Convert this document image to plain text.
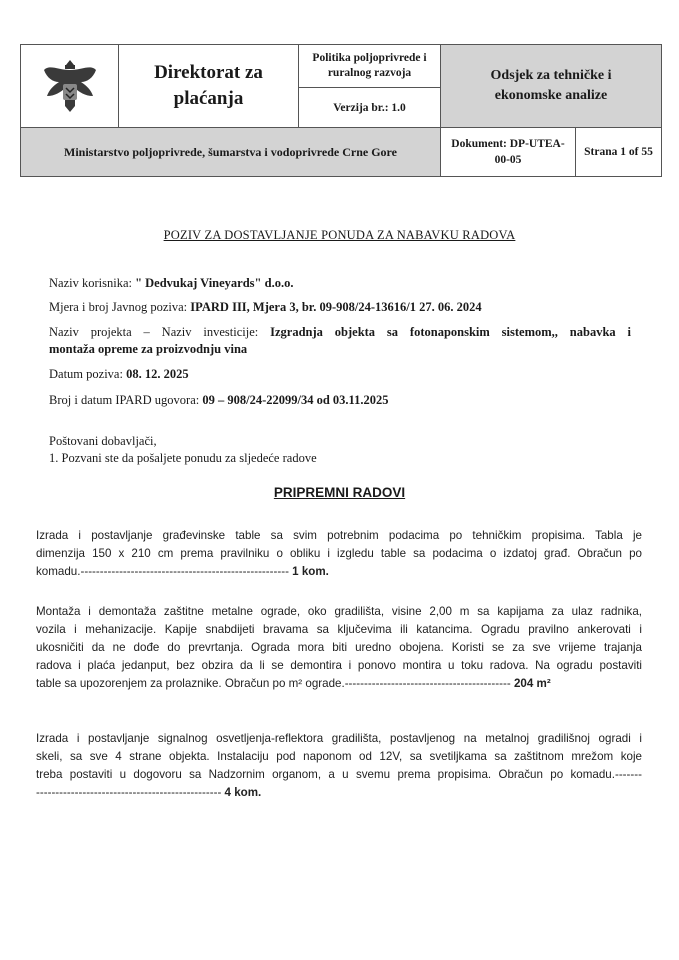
Direktorat za plaćanja
Politika poljoprivrede i ruralnog razvoja
Verzija br.: 1.0
Odsjek za tehničke i ekonomske analize
Ministarstvo poljoprivrede, šumarstva i vodoprivrede Crne Gore
Dokument: DP-UTEA-00-05
Strana 1 of 55
POZIV ZA DOSTAVLJANJE PONUDA ZA NABAVKU RADOVA
Naziv korisnika: " Dedvukaj Vineyards" d.o.o.
Mjera i broj Javnog poziva: IPARD III, Mjera 3, br. 09-908/24-13616/1 27. 06. 2024
Naziv projekta – Naziv investicije: Izgradnja objekta sa fotonaponskim sistemom,, nabavka i
montaža opreme za proizvodnju vina
Datum poziva: 08. 12. 2025
Broj i datum IPARD ugovora: 09 – 908/24-22099/34 od 03.11.2025
Poštovani dobavljači,
1. Pozvani ste da pošaljete ponudu za sljedeće radove
PRIPREMNI RADOVI
Izrada i postavljanje građevinske table sa svim potrebnim podacima po tehničkim propisima. Tabla je
dimenzija 150 x 210 cm prema pravilniku o obliku i izgledu table sa podacima o izdatoj građ. Obračun po
komadu.------------------------------------------------------ 1 kom.
Montaža i demontaža zaštitne metalne ograde, oko gradilišta, visine 2,00 m sa kapijama za ulaz radnika,
vozila i mehanizacije. Kapije snabdijeti bravama sa ključevima ili katancima. Ogradu pravilno ankerovati i
ukosničiti da ne dođe do prevrtanja. Ograda mora biti uredno obojena. Koristi se za sve vrijeme trajanja
radova i plaća jedanput, bez obzira da li se demontira i ponovo montira u toku radova. Na ogradu postaviti
table sa upozorenjem za prolaznike. Obračun po m² ograde.------------------------------------------- 204 m²
Izrada i postavljanje signalnog osvetljenja-reflektora gradilišta, postavljenog na metalnoj gradilišnoj ogradi i
skeli, sa sve 4 strane objekta. Instalaciju pod naponom od 12V, sa svetiljkama sa zaštitnom mrežom koje
treba postaviti u dogovoru sa Nadzornim organom, a u svemu prema propisima. Obračun po komadu.-------
------------------------------------------------ 4 kom.
